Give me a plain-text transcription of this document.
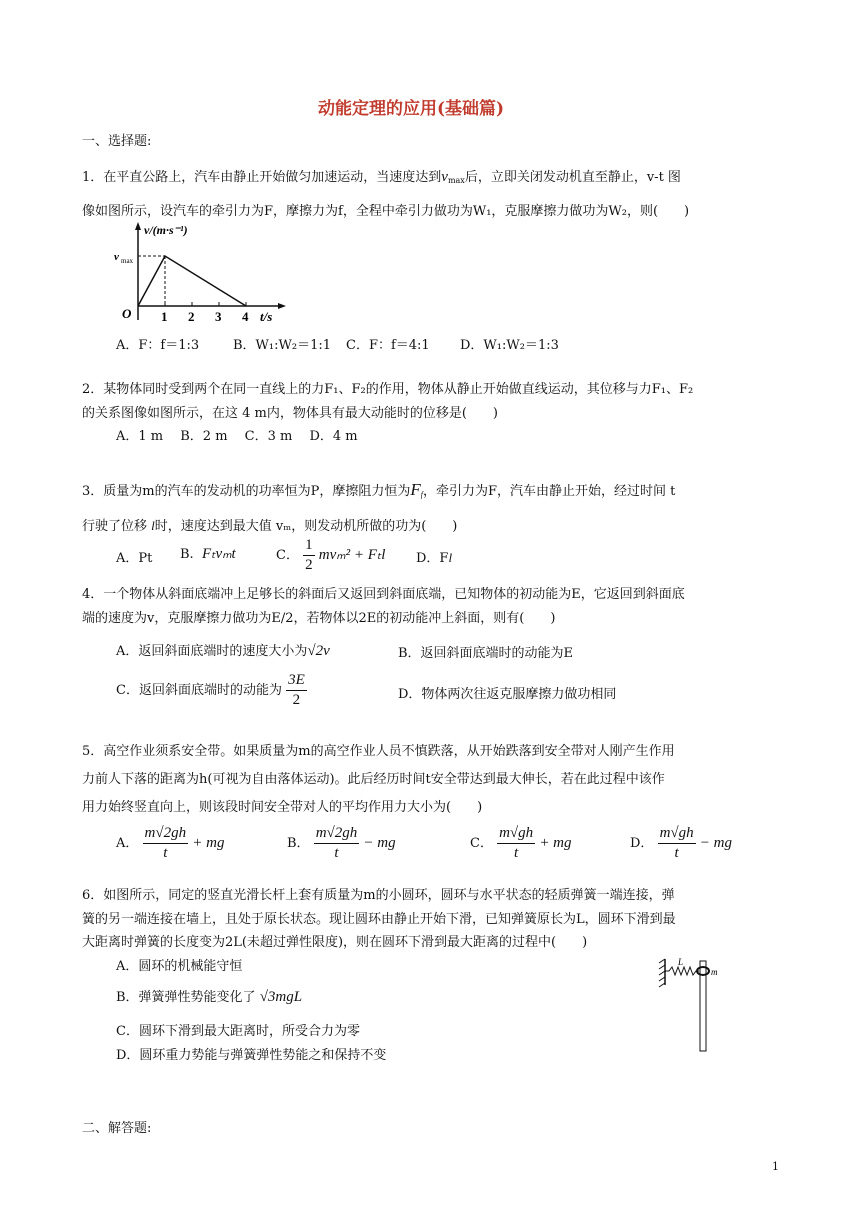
动能定理的应用(基础篇)
一、选择题:
1．在平直公路上，汽车由静止开始做匀加速运动，当速度达到$v_{max}$后，立即关闭发动机直至静止，v-t 图
像如图所示，设汽车的牵引力为F，摩擦力为f，全程中牵引力做功为W₁，克服摩擦力做功为W₂，则(　　)
v/(m·s⁻¹)
v max
O 1 2 3 4 t/s
A．F：f＝1:3	B．W₁:W₂＝1:1 C．F：f＝4:1 D．W₁:W₂＝1:3
2．某物体同时受到两个在同一直线上的力F₁、F₂的作用，物体从静止开始做直线运动，其位移与力F₁、F₂
的关系图像如图所示，在这 4 m内，物体具有最大动能时的位移是(　　)
A．1 m　 B．2 m　 C．3 m　 D．4 m
3．质量为m的汽车的发动机的功率恒为P，摩擦阻力恒为$F_f$，牵引力为F，汽车由静止开始，经过时间 t
行驶了位移 l时，速度达到最大值 vₘ，则发动机所做的功为(　　)
A．Pt B. Fₜvₘt	C． $\frac{1}{2} mv_m^2 + F_tl$ D．Fl
4．一个物体从斜面底端冲上足够长的斜面后又返回到斜面底端，已知物体的初动能为E，它返回到斜面底
端的速度为v，克服摩擦力做功为E/2，若物体以2E的初动能冲上斜面，则有(　　)
A．返回斜面底端时的速度大小为√2v	B．返回斜面底端时的动能为E
C．返回斜面底端时的动能为 $\frac{3E}{2}$	D．物体两次往返克服摩擦力做功相同
5．高空作业须系安全带。如果质量为m的高空作业人员不慎跌落，从开始跌落到安全带对人刚产生作用
力前人下落的距离为h(可视为自由落体运动)。此后经历时间t安全带达到最大伸长，若在此过程中该作
用力始终竖直向上，则该段时间安全带对人的平均作用力大小为(　　)
A． $\frac{m√2gh}{t}$ + mg	B． $\frac{m√2gh}{t}$ − mg	C． $\frac{m√gh}{t}$ + mg	D． $\frac{m√gh}{t}$ − mg
6．如图所示，同定的竖直光滑长杆上套有质量为m的小圆环，圆环与水平状态的轻质弹簧一端连接，弹
簧的另一端连接在墙上，且处于原长状态。现让圆环由静止开始下滑，已知弹簧原长为L，圆环下滑到最
大距离时弹簧的长度变为2L(未超过弹性限度)，则在圆环下滑到最大距离的过程中(　　)
A．圆环的机械能守恒
B．弹簧弹性势能变化了 √3mgL
C．圆环下滑到最大距离时，所受合力为零
D．圆环重力势能与弹簧弹性势能之和保持不变
L
m
二、解答题:
1
